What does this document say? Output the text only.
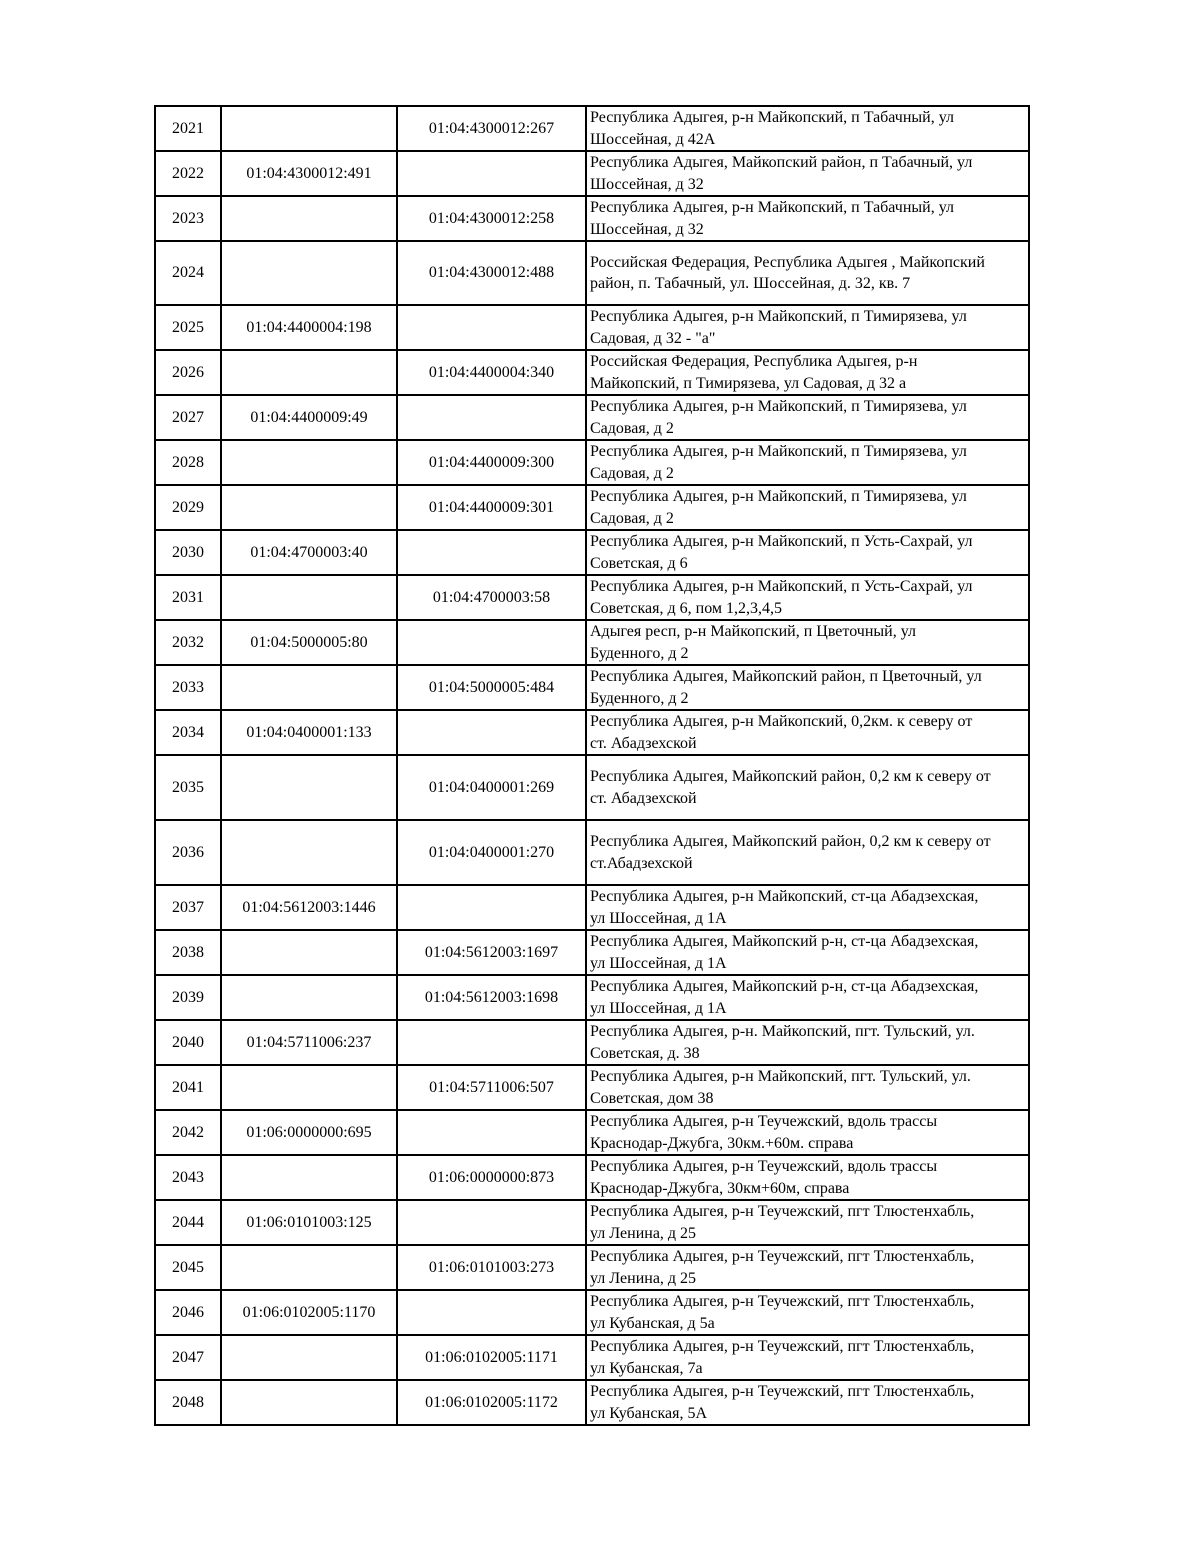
2021		01:04:4300012:267	Республика Адыгея, р-н Майкопский, п Табачный, ул
Шоссейная, д 42А

2022	01:04:4300012:491		Республика Адыгея, Майкопский район, п Табачный, ул
Шоссейная, д 32

2023		01:04:4300012:258	Республика Адыгея, р-н Майкопский, п Табачный, ул
Шоссейная, д 32

2024		01:04:4300012:488	Российская Федерация, Республика Адыгея , Майкопский
район, п. Табачный, ул. Шоссейная, д. 32, кв. 7

2025	01:04:4400004:198		Республика Адыгея, р-н Майкопский, п Тимирязева, ул
Садовая, д 32 - "а"

2026		01:04:4400004:340	Российская Федерация, Республика Адыгея, р-н
Майкопский, п Тимирязева, ул Садовая, д 32 а

2027	01:04:4400009:49		Республика Адыгея, р-н Майкопский, п Тимирязева, ул
Садовая, д 2

2028		01:04:4400009:300	Республика Адыгея, р-н Майкопский, п Тимирязева, ул
Садовая, д 2

2029		01:04:4400009:301	Республика Адыгея, р-н Майкопский, п Тимирязева, ул
Садовая, д 2

2030	01:04:4700003:40		Республика Адыгея, р-н Майкопский, п Усть-Сахрай, ул
Советская, д 6

2031		01:04:4700003:58	Республика Адыгея, р-н Майкопский, п Усть-Сахрай, ул
Советская, д 6, пом 1,2,3,4,5

2032	01:04:5000005:80		Адыгея респ, р-н Майкопский, п Цветочный, ул
Буденного, д 2

2033		01:04:5000005:484	Республика Адыгея, Майкопский район, п Цветочный, ул
Буденного, д 2

2034	01:04:0400001:133		Республика Адыгея, р-н Майкопский, 0,2км. к северу от
ст. Абадзехской

2035		01:04:0400001:269	Республика Адыгея, Майкопский район, 0,2 км к северу от
ст. Абадзехской

2036		01:04:0400001:270	Республика Адыгея, Майкопский район, 0,2 км к северу от
ст.Абадзехской

2037	01:04:5612003:1446		Республика Адыгея, р-н Майкопский, ст-ца Абадзехская,
ул Шоссейная, д 1А

2038		01:04:5612003:1697	Республика Адыгея, Майкопский р-н, ст-ца Абадзехская,
ул Шоссейная, д 1А

2039		01:04:5612003:1698	Республика Адыгея, Майкопский р-н, ст-ца Абадзехская,
ул Шоссейная, д 1А

2040	01:04:5711006:237		Республика Адыгея, р-н. Майкопский, пгт. Тульский, ул.
Советская, д. 38

2041		01:04:5711006:507	Республика Адыгея, р-н Майкопский, пгт. Тульский, ул.
Советская, дом 38

2042	01:06:0000000:695		Республика Адыгея, р-н Теучежский, вдоль трассы
Краснодар-Джубга, 30км.+60м. справа

2043		01:06:0000000:873	Республика Адыгея, р-н Теучежский, вдоль трассы
Краснодар-Джубга, 30км+60м, справа

2044	01:06:0101003:125		Республика Адыгея, р-н Теучежский, пгт Тлюстенхабль,
ул Ленина, д 25

2045		01:06:0101003:273	Республика Адыгея, р-н Теучежский, пгт Тлюстенхабль,
ул Ленина, д 25

2046	01:06:0102005:1170		Республика Адыгея, р-н Теучежский, пгт Тлюстенхабль,
ул Кубанская, д 5а

2047		01:06:0102005:1171	Республика Адыгея, р-н Теучежский, пгт Тлюстенхабль,
ул Кубанская, 7а

2048		01:06:0102005:1172	Республика Адыгея, р-н Теучежский, пгт Тлюстенхабль,
ул Кубанская, 5А
